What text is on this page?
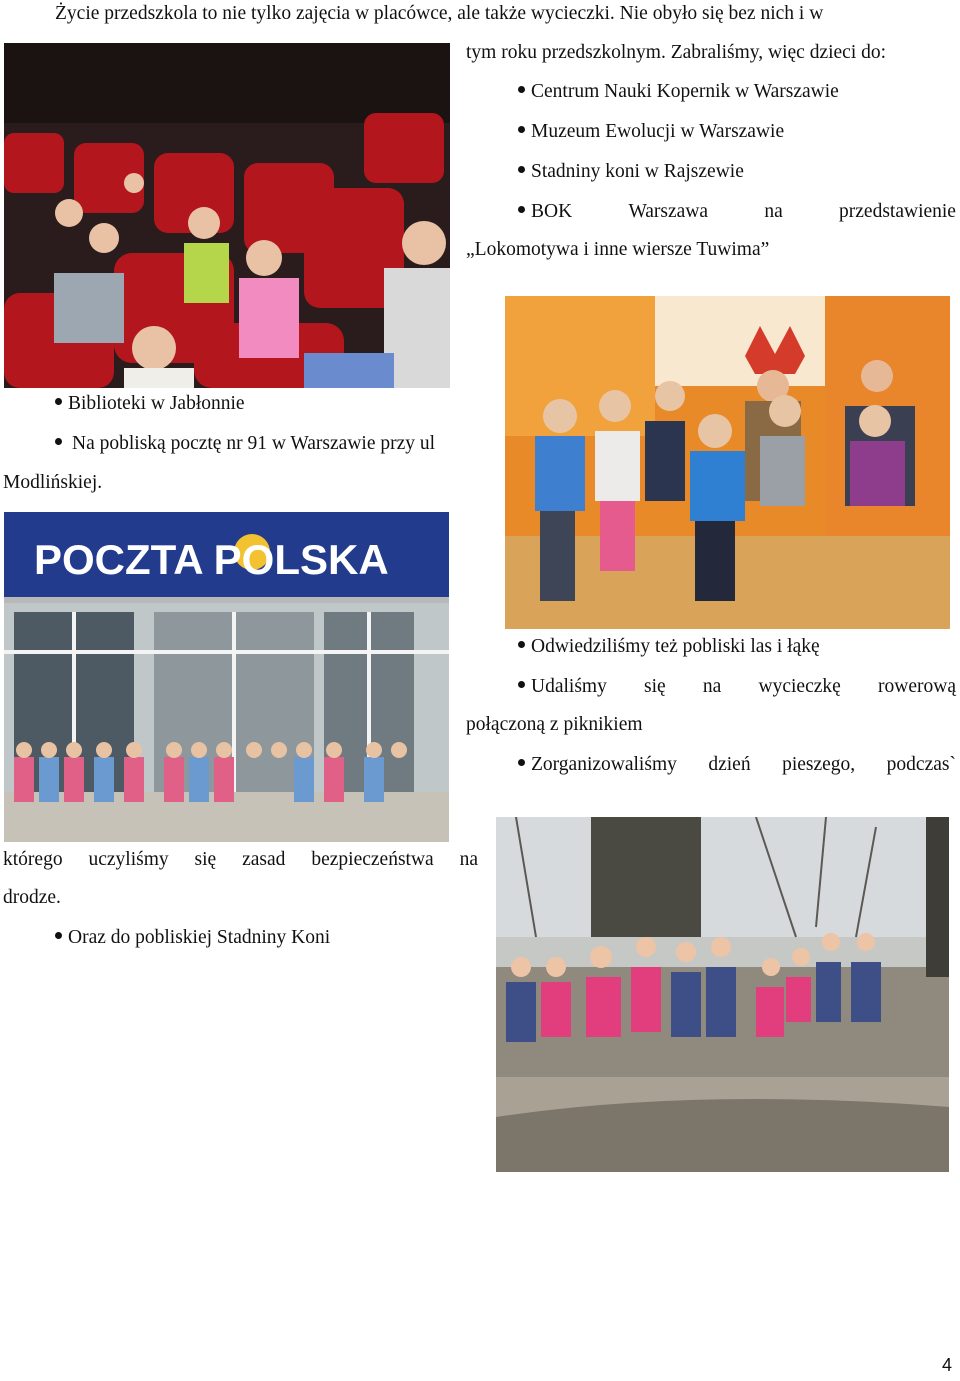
Życie przedszkola to nie tylko zajęcia w placówce, ale także wycieczki. Nie obyło się bez nich i w
tym roku przedszkolnym. Zabraliśmy, więc dzieci do:
Centrum Nauki Kopernik w Warszawie
Muzeum Ewolucji w Warszawie
Stadniny koni w Rajszewie
BOK	Warszawa	na	przedstawienie
„Lokomotywa i inne wiersze Tuwima”
Biblioteki w Jabłonnie
Na pobliską pocztę nr 91 w Warszawie przy ul
Modlińskiej.
POCZTA POLSKA
Odwiedziliśmy też pobliski las i łąkę
Udaliśmy się na wycieczkę rowerową
połączoną z piknikiem
Zorganizowaliśmy dzień pieszego, podczas`
którego uczyliśmy się zasad bezpieczeństwa na
drodze.
Oraz do pobliskiej Stadniny Koni
4
